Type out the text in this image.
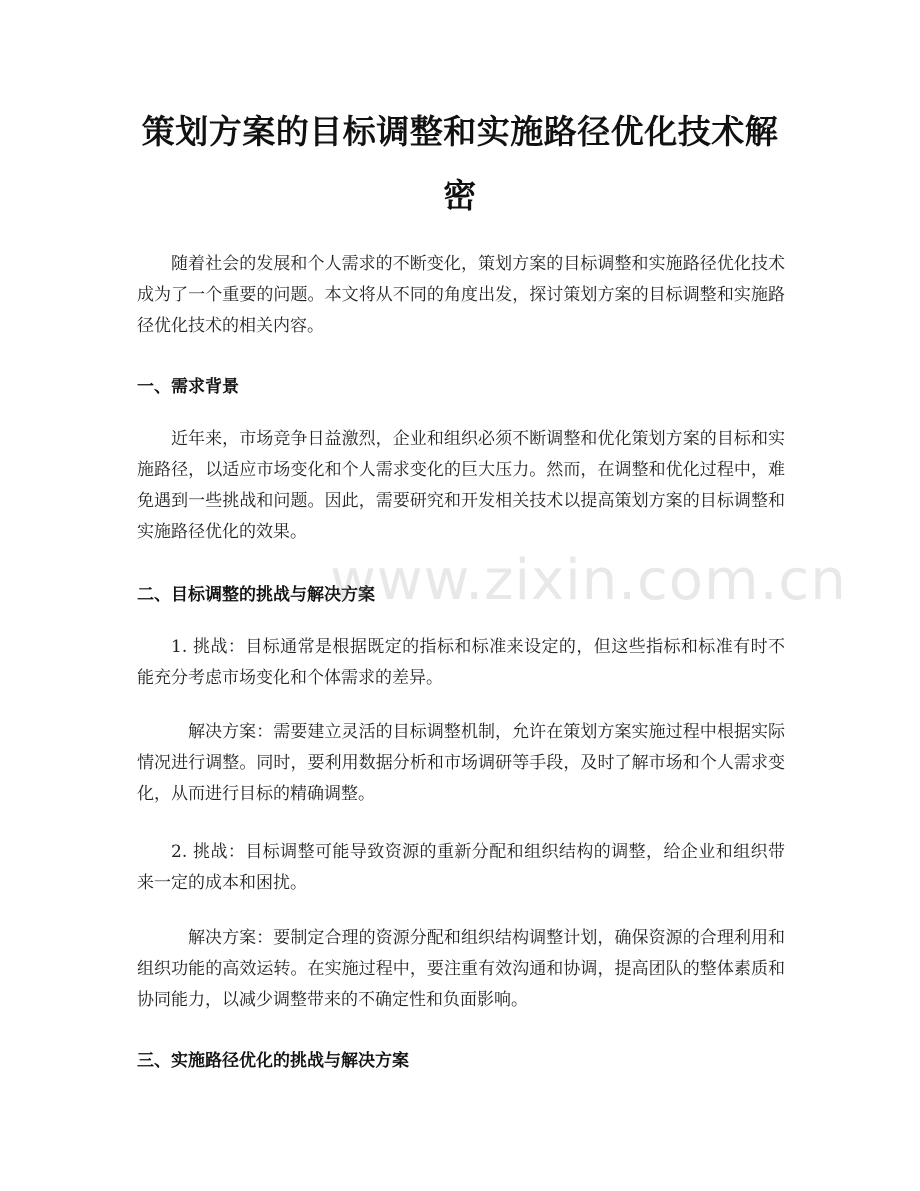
策划方案的目标调整和实施路径优化技术解密

随着社会的发展和个人需求的不断变化，策划方案的目标调整和实施路径优化技术成为了一个重要的问题。本文将从不同的角度出发，探讨策划方案的目标调整和实施路径优化技术的相关内容。

一、需求背景

近年来，市场竞争日益激烈，企业和组织必须不断调整和优化策划方案的目标和实施路径，以适应市场变化和个人需求变化的巨大压力。然而，在调整和优化过程中，难免遇到一些挑战和问题。因此，需要研究和开发相关技术以提高策划方案的目标调整和实施路径优化的效果。

二、目标调整的挑战与解决方案

1. 挑战：目标通常是根据既定的指标和标准来设定的，但这些指标和标准有时不能充分考虑市场变化和个体需求的差异。

解决方案：需要建立灵活的目标调整机制，允许在策划方案实施过程中根据实际情况进行调整。同时，要利用数据分析和市场调研等手段，及时了解市场和个人需求变化，从而进行目标的精确调整。

2. 挑战：目标调整可能导致资源的重新分配和组织结构的调整，给企业和组织带来一定的成本和困扰。

解决方案：要制定合理的资源分配和组织结构调整计划，确保资源的合理利用和组织功能的高效运转。在实施过程中，要注重有效沟通和协调，提高团队的整体素质和协同能力，以减少调整带来的不确定性和负面影响。

三、实施路径优化的挑战与解决方案
www.zixin.com.cn
